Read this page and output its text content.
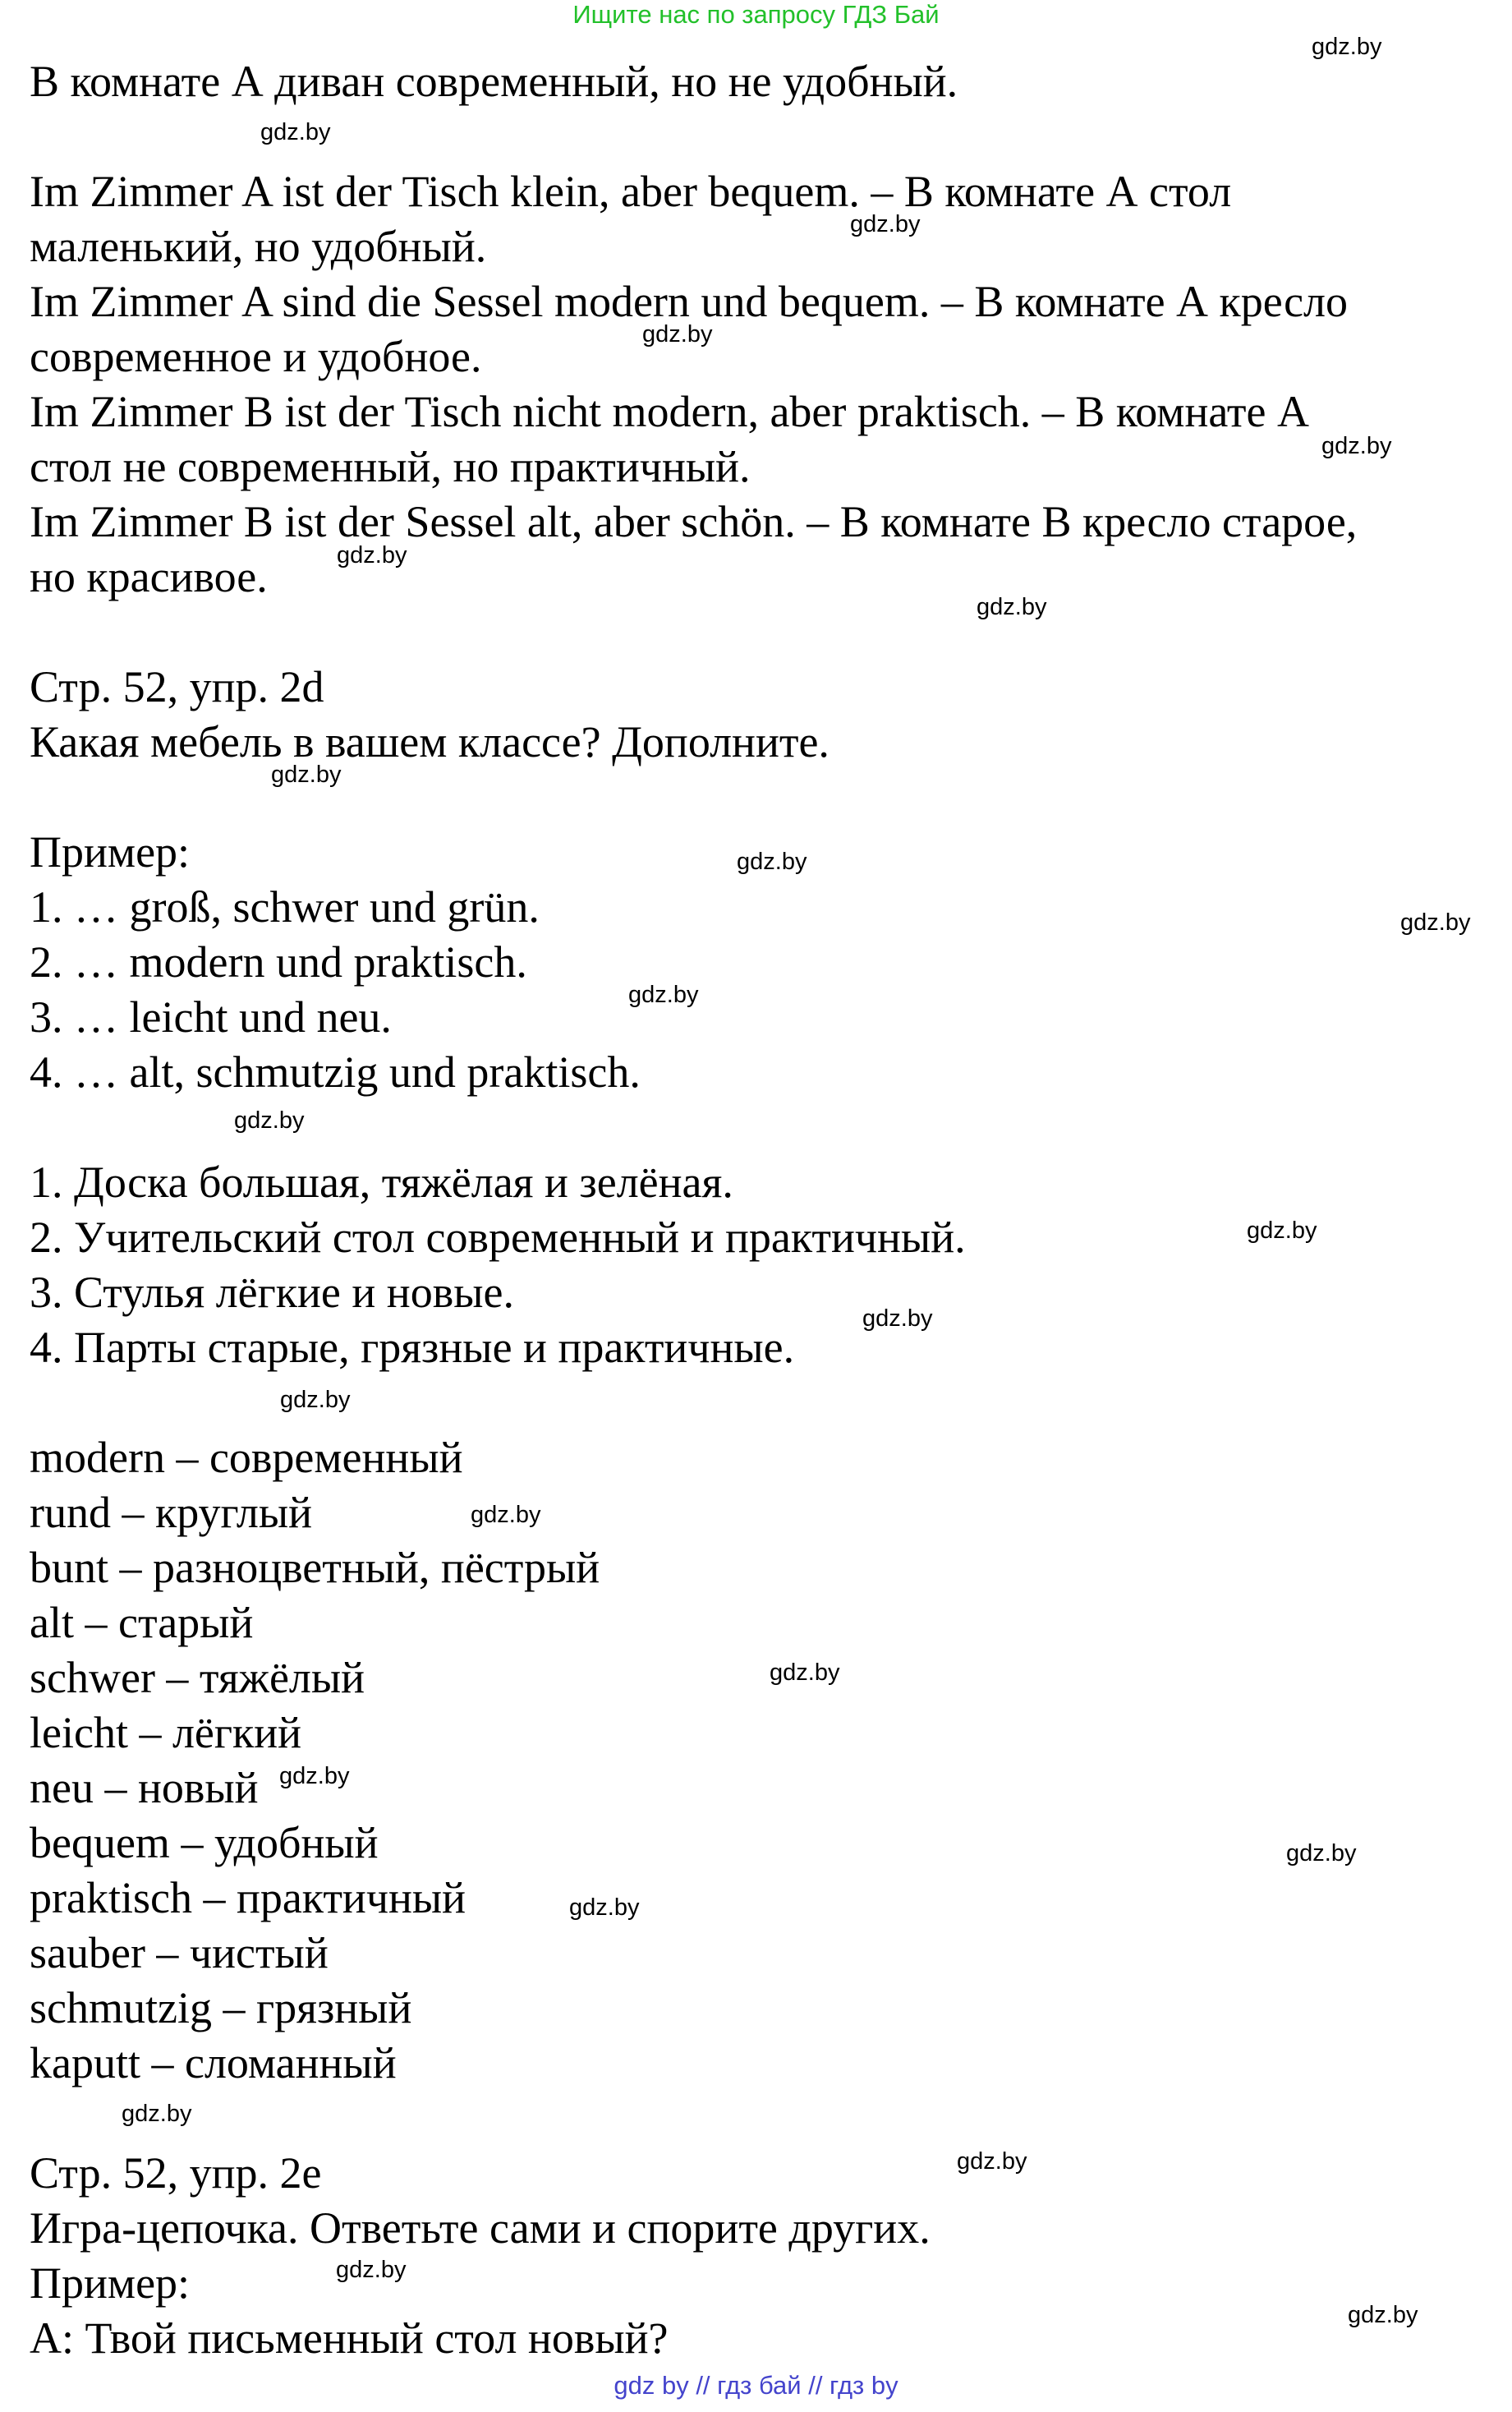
Ищите нас по запросу ГДЗ Бай
В комнате А диван современный, но не удобный.
Im Zimmer A ist der Tisch klein, aber bequem. – В комнате А стол
маленький, но удобный.
Im Zimmer A sind die Sessel modern und bequem. – В комнате А кресло
современное и удобное.
Im Zimmer B ist der Tisch nicht modern, aber praktisch. – В комнате А
стол не современный, но практичный.
Im Zimmer B ist der Sessel alt, aber schön. – В комнате В кресло старое,
но красивое.
Стр. 52, упр. 2d
Какая мебель в вашем классе? Дополните.
Пример:
1. … groß, schwer und grün.
2. … modern und praktisch.
3. … leicht und neu.
4. … alt, schmutzig und praktisch.
1. Доска большая, тяжёлая и зелёная.
2. Учительский стол современный и практичный.
3. Стулья лёгкие и новые.
4. Парты старые, грязные и практичные.
modern – современный
rund – круглый
bunt – разноцветный, пёстрый
alt – старый
schwer – тяжёлый
leicht – лёгкий
neu – новый
bequem – удобный
praktisch – практичный
sauber – чистый
schmutzig – грязный
kaputt – сломанный
Стр. 52, упр. 2e
Игра-цепочка. Ответьте сами и спорите других.
Пример:
A: Твой письменный стол новый?
gdz.by
gdz.by
gdz.by
gdz.by
gdz.by
gdz.by
gdz.by
gdz.by
gdz.by
gdz.by
gdz.by
gdz.by
gdz.by
gdz.by
gdz.by
gdz.by
gdz.by
gdz.by
gdz.by
gdz.by
gdz.by
gdz.by
gdz.by
gdz.by
gdz by // гдз бай // гдз by
